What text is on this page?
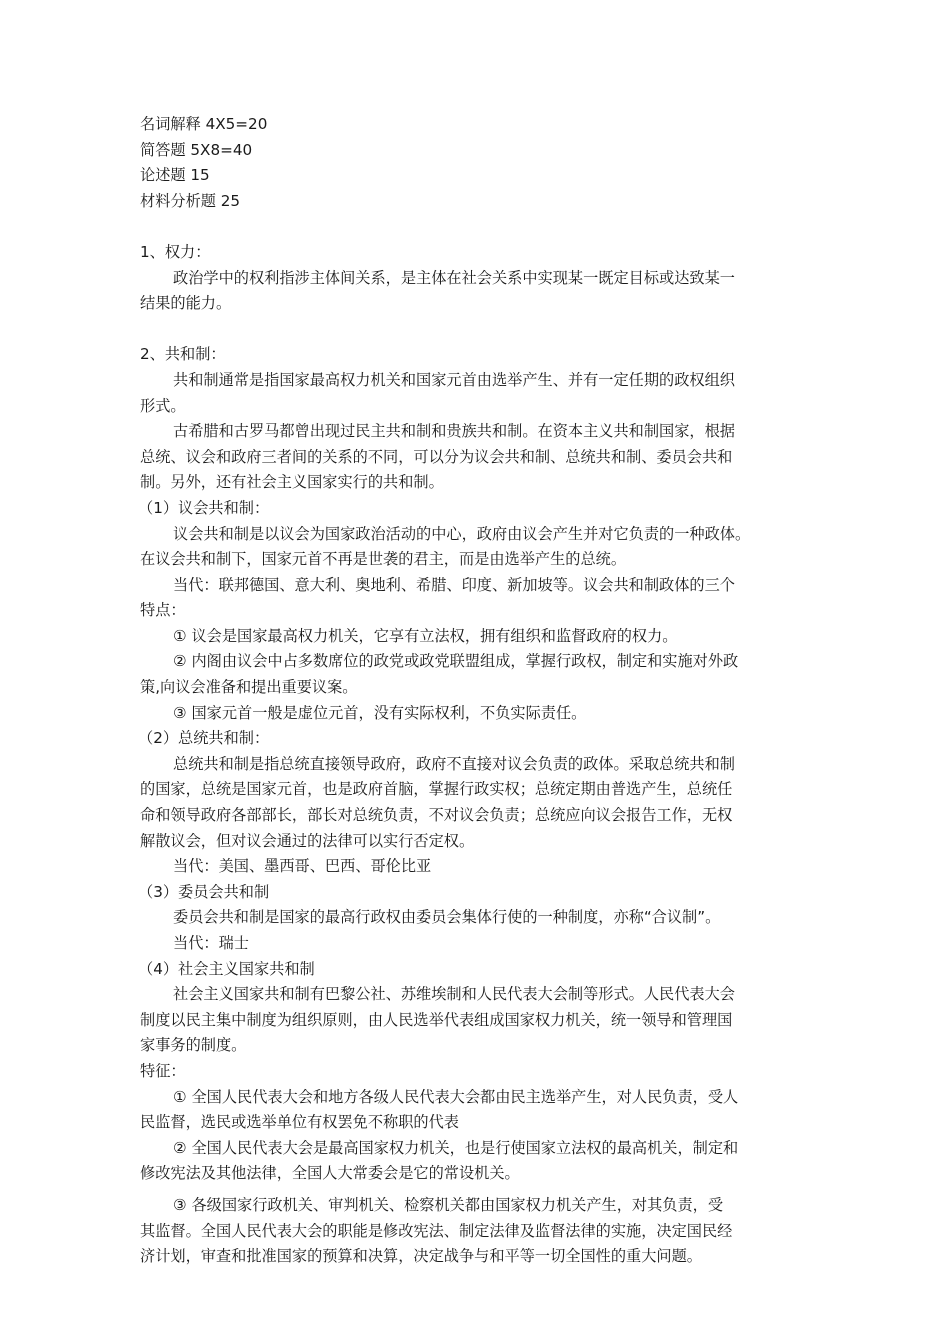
名词解释 4X5=20
简答题 5X8=40
论述题 15
材料分析题 25
1、权力：
政治学中的权利指涉主体间关系，是主体在社会关系中实现某一既定目标或达致某一
结果的能力。
2、共和制：
共和制通常是指国家最高权力机关和国家元首由选举产生、并有一定任期的政权组织
形式。
古希腊和古罗马都曾出现过民主共和制和贵族共和制。在资本主义共和制国家，根据
总统、议会和政府三者间的关系的不同，可以分为议会共和制、总统共和制、委员会共和
制。另外，还有社会主义国家实行的共和制。
（1）议会共和制：
议会共和制是以议会为国家政治活动的中心，政府由议会产生并对它负责的一种政体。
在议会共和制下，国家元首不再是世袭的君主，而是由选举产生的总统。
当代：联邦德国、意大利、奥地利、希腊、印度、新加坡等。议会共和制政体的三个
特点：
① 议会是国家最高权力机关，它享有立法权，拥有组织和监督政府的权力。
② 内阁由议会中占多数席位的政党或政党联盟组成，掌握行政权，制定和实施对外政
策,向议会准备和提出重要议案。
③ 国家元首一般是虚位元首，没有实际权利，不负实际责任。
（2）总统共和制：
总统共和制是指总统直接领导政府，政府不直接对议会负责的政体。采取总统共和制
的国家，总统是国家元首，也是政府首脑，掌握行政实权；总统定期由普选产生，总统任
命和领导政府各部部长，部长对总统负责，不对议会负责；总统应向议会报告工作，无权
解散议会，但对议会通过的法律可以实行否定权。
当代：美国、墨西哥、巴西、哥伦比亚
（3）委员会共和制
委员会共和制是国家的最高行政权由委员会集体行使的一种制度，亦称“合议制”。
当代：瑞士
（4）社会主义国家共和制
社会主义国家共和制有巴黎公社、苏维埃制和人民代表大会制等形式。人民代表大会
制度以民主集中制度为组织原则，由人民选举代表组成国家权力机关，统一领导和管理国
家事务的制度。
特征：
① 全国人民代表大会和地方各级人民代表大会都由民主选举产生，对人民负责，受人
民监督，选民或选举单位有权罢免不称职的代表
② 全国人民代表大会是最高国家权力机关，也是行使国家立法权的最高机关，制定和
修改宪法及其他法律，全国人大常委会是它的常设机关。
③ 各级国家行政机关、审判机关、检察机关都由国家权力机关产生，对其负责，受
其监督。全国人民代表大会的职能是修改宪法、制定法律及监督法律的实施，决定国民经
济计划，审查和批准国家的预算和决算，决定战争与和平等一切全国性的重大问题。
